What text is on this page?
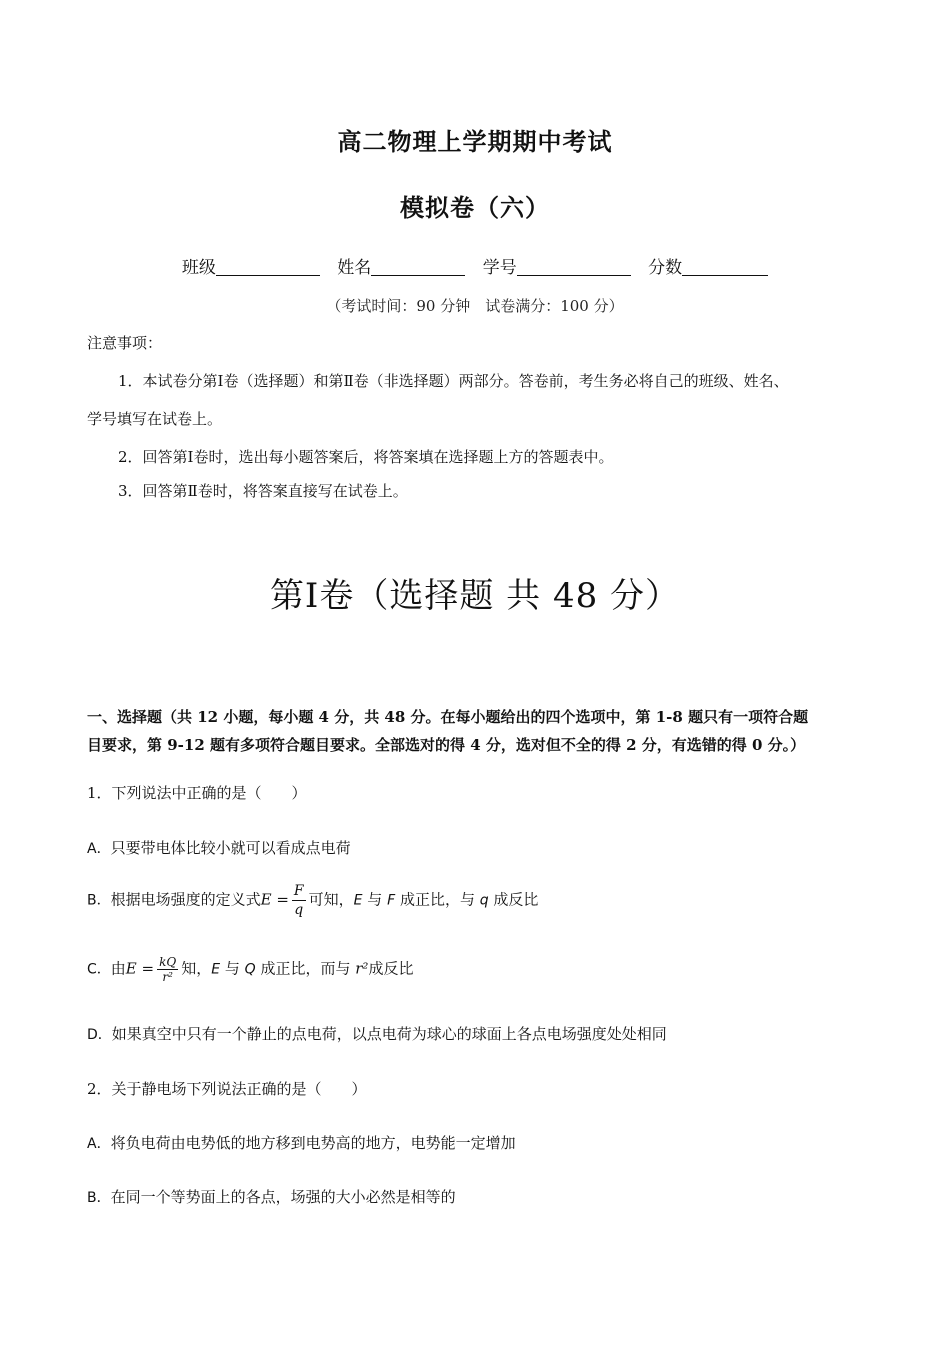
高二物理上学期期中考试
模拟卷（六）
班级	姓名	学号	分数
（考试时间：90 分钟　试卷满分：100 分）
注意事项：
1．本试卷分第Ⅰ卷（选择题）和第Ⅱ卷（非选择题）两部分。答卷前，考生务必将自己的班级、姓名、
学号填写在试卷上。
2．回答第Ⅰ卷时，选出每小题答案后，将答案填在选择题上方的答题表中。
3．回答第Ⅱ卷时，将答案直接写在试卷上。
第Ⅰ卷（选择题 共 48 分）
一、选择题（共 12 小题，每小题 4 分，共 48 分。在每小题给出的四个选项中，第 1-8 题只有一项符合题
目要求，第 9-12 题有多项符合题目要求。全部选对的得 4 分，选对但不全的得 2 分，有选错的得 0 分。）
1．下列说法中正确的是（　　）
A．只要带电体比较小就可以看成点电荷
B．根据电场强度的定义式$E = \frac{F}{q}$ 可知，E 与 F 成正比，与 q 成反比
C．由$E = \frac{kQ}{\text{r²}}$ 知，E 与 Q 成正比，而与 r²成反比
D．如果真空中只有一个静止的点电荷，以点电荷为球心的球面上各点电场强度处处相同
2．关于静电场下列说法正确的是（　　）
A．将负电荷由电势低的地方移到电势高的地方，电势能一定增加
B．在同一个等势面上的各点，场强的大小必然是相等的
